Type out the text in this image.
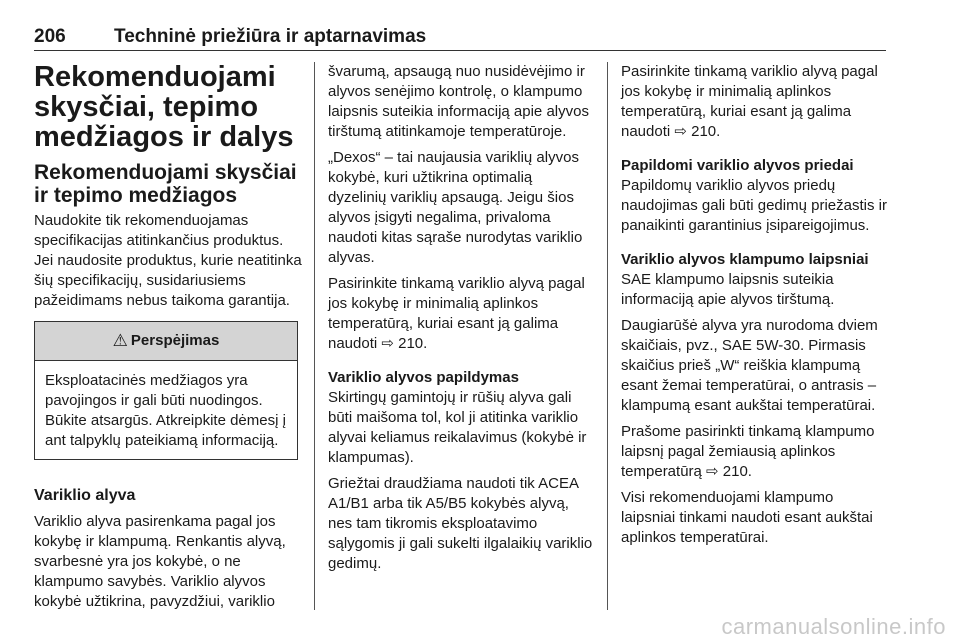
206	Techninė priežiūra ir aptarnavimas
Rekomenduojami skysčiai, tepimo medžiagos ir dalys
Rekomenduojami skysčiai ir tepimo medžiagos

Naudokite tik rekomenduojamas specifikacijas atitinkančius produktus. Jei naudosite produktus, kurie neatitinka šių specifikacijų, susidariusiems pažeidimams nebus taikoma garantija.

⚠ Perspėjimas
Eksploatacinės medžiagos yra pavojingos ir gali būti nuodingos. Būkite atsargūs. Atkreipkite dėmesį į ant talpyklų pateikiamą informaciją.
Variklio alyva

Variklio alyva pasirenkama pagal jos kokybę ir klampumą. Renkantis alyvą, svarbesnė yra jos kokybė, o ne klampumo savybės. Variklio alyvos kokybė užtikrina, pavyzdžiui, variklio

švarumą, apsaugą nuo nusidėvėjimo ir alyvos senėjimo kontrolę, o klampumo laipsnis suteikia informaciją apie alyvos tirštumą atitinkamoje temperatūroje.

„Dexos“ – tai naujausia variklių alyvos kokybė, kuri užtikrina optimalią dyzelinių variklių apsaugą. Jeigu šios alyvos įsigyti negalima, privaloma naudoti kitas sąraše nurodytas variklio alyvas.

Pasirinkite tinkamą variklio alyvą pagal jos kokybę ir minimalią aplinkos temperatūrą, kuriai esant ją galima naudoti ⇨ 210.

Variklio alyvos papildymas

Skirtingų gamintojų ir rūšių alyva gali būti maišoma tol, kol ji atitinka variklio alyvai keliamus reikalavimus (kokybė ir klampumas).

Griežtai draudžiama naudoti tik ACEA A1/B1 arba tik A5/B5 kokybės alyvą, nes tam tikromis eksploatavimo sąlygomis ji gali sukelti ilgalaikių variklio gedimų.

Pasirinkite tinkamą variklio alyvą pagal jos kokybę ir minimalią aplinkos temperatūrą, kuriai esant ją galima naudoti ⇨ 210.

Papildomi variklio alyvos priedai

Papildomų variklio alyvos priedų naudojimas gali būti gedimų priežastis ir panaikinti garantinius įsipareigojimus.

Variklio alyvos klampumo laipsniai

SAE klampumo laipsnis suteikia informaciją apie alyvos tirštumą.

Daugiarūšė alyva yra nurodoma dviem skaičiais, pvz., SAE 5W-30. Pirmasis skaičius prieš „W“ reiškia klampumą esant žemai temperatūrai, o antrasis – klampumą esant aukštai temperatūrai.

Prašome pasirinkti tinkamą klampumo laipsnį pagal žemiausią aplinkos temperatūrą ⇨ 210.

Visi rekomenduojami klampumo laipsniai tinkami naudoti esant aukštai aplinkos temperatūrai.

carmanualsonline.info
